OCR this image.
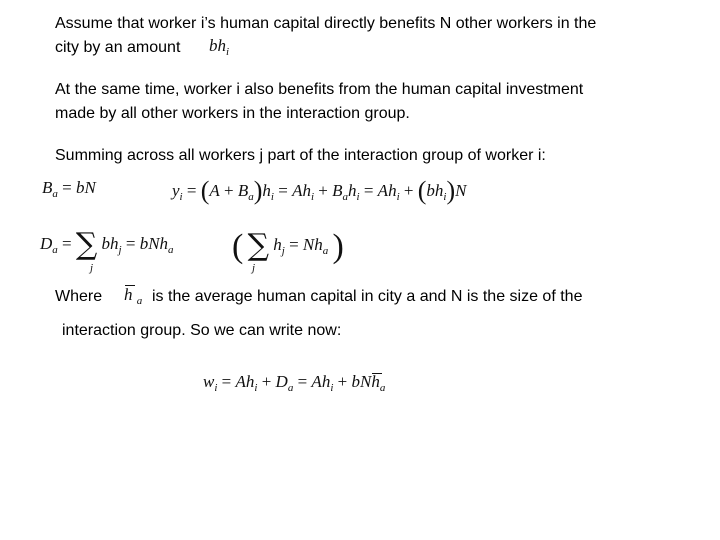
Assume that worker i’s human capital directly benefits N other workers in the
city by an amount $bh_i$
At the same time, worker i also benefits from the human capital investment
made by all other workers in the interaction group.
Summing across all workers j part of the interaction group of worker i:
$B_a$ = bN	$y_i = (A + B_a)h_i = Ah_i + B_ah_i = Ah_i + (bh_i)N$
$D_a$ = ∑ $bh_j = bNh_a$
j
( ∑ $h_j = Nh_a$ )
j
Where h $_a$ is the average human capital in city a and N is the size of the
interaction group. So we can write now:
$w_i = Ah_i + D_a = Ah_i$ + bN
$h_a$
